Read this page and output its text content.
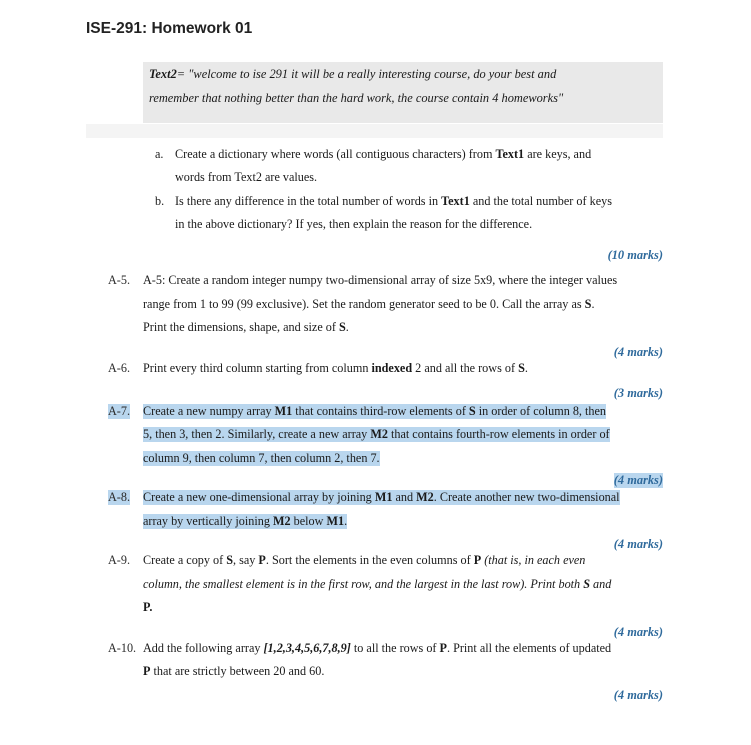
ISE-291: Homework 01

Text2= "welcome to ise 291 it will be a really interesting course, do your best and

remember that nothing better than the hard work, the course contain 4 homeworks"

a. Create a dictionary where words (all contiguous characters) from Text1 are keys, and
words from Text2 are values.
b. Is there any difference in the total number of words in Text1 and the total number of keys
in the above dictionary? If yes, then explain the reason for the difference.
(10 marks)
A-5. A-5: Create a random integer numpy two-dimensional array of size 5x9, where the integer values
range from 1 to 99 (99 exclusive). Set the random generator seed to be 0. Call the array as S.
Print the dimensions, shape, and size of S.
(4 marks)
A-6. Print every third column starting from column indexed 2 and all the rows of S.
(3 marks)
A-7. Create a new numpy array M1 that contains third-row elements of S in order of column 8, then
5, then 3, then 2. Similarly, create a new array M2 that contains fourth-row elements in order of
column 9, then column 7, then column 2, then 7.
(4 marks)
A-8. Create a new one-dimensional array by joining M1 and M2. Create another new two-dimensional
array by vertically joining M2 below M1.
(4 marks)
A-9. Create a copy of S, say P. Sort the elements in the even columns of P (that is, in each even
column, the smallest element is in the first row, and the largest in the last row). Print both S and
P.
(4 marks)
A-10. Add the following array [1,2,3,4,5,6,7,8,9] to all the rows of P. Print all the elements of updated
P that are strictly between 20 and 60.
(4 marks)
